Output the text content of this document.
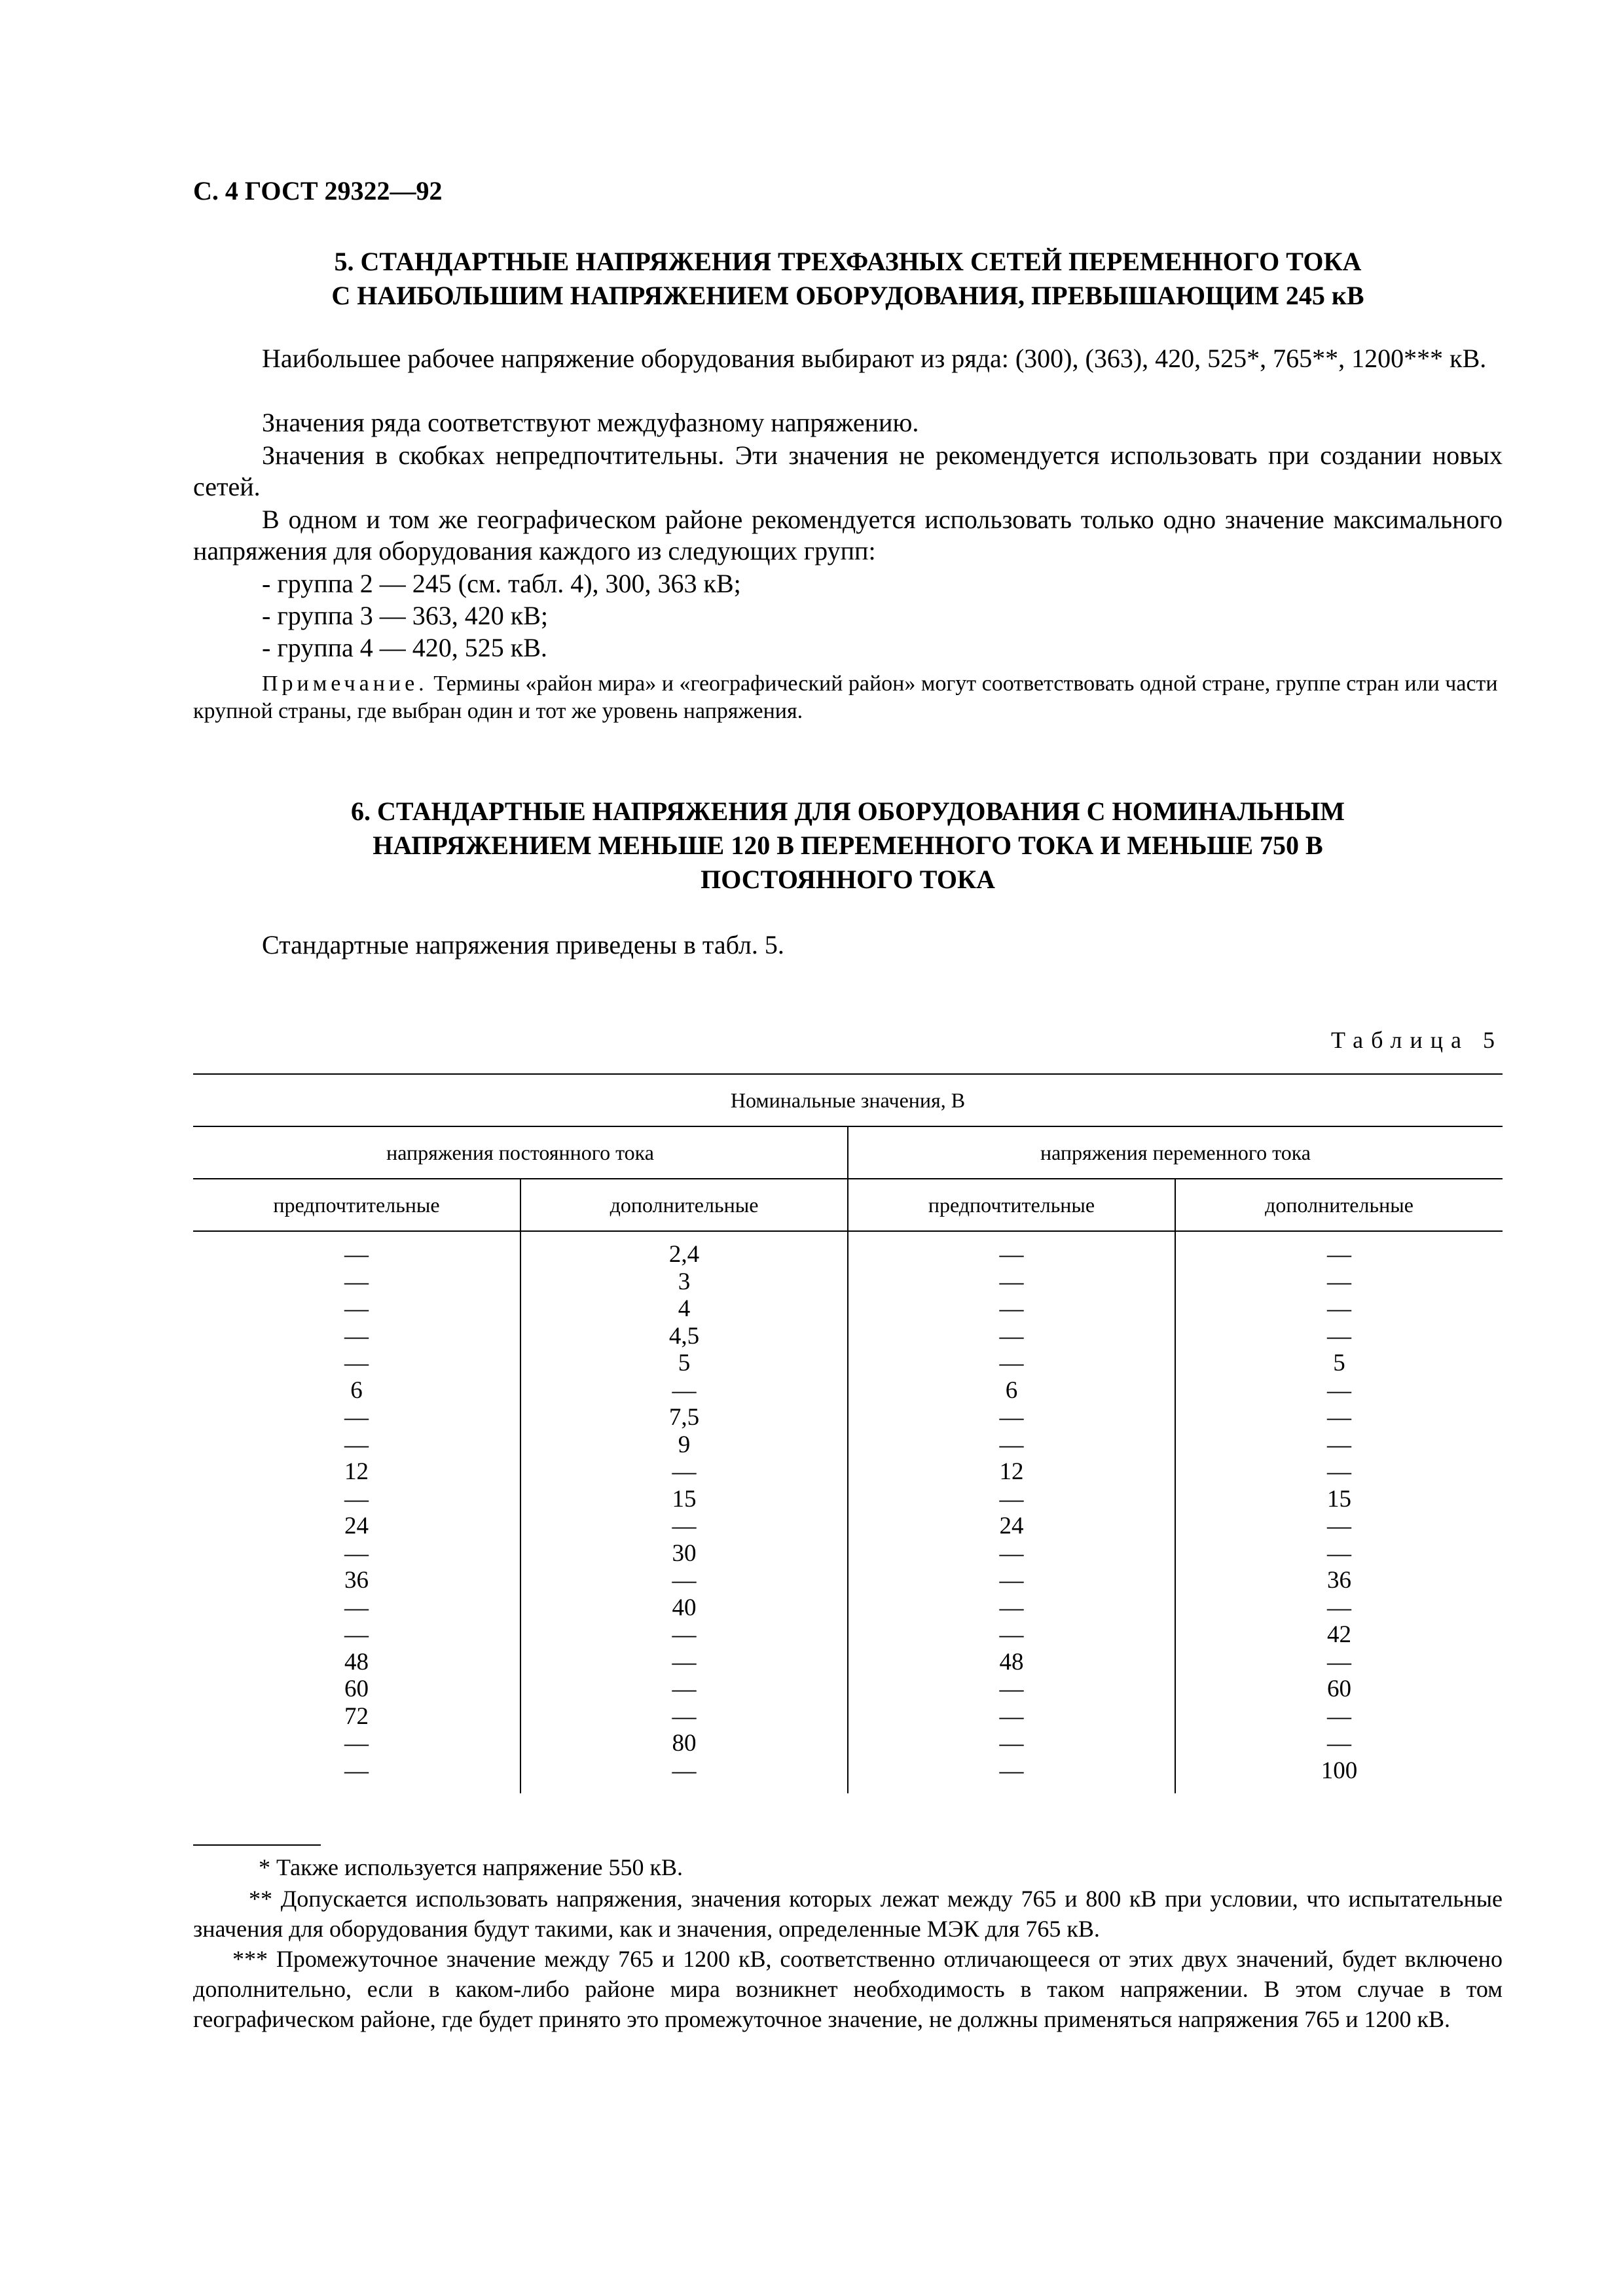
С. 4 ГОСТ 29322—92
5. СТАНДАРТНЫЕ НАПРЯЖЕНИЯ ТРЕХФАЗНЫХ СЕТЕЙ ПЕРЕМЕННОГО ТОКА
С НАИБОЛЬШИМ НАПРЯЖЕНИЕМ ОБОРУДОВАНИЯ, ПРЕВЫШАЮЩИМ 245 кВ
Наибольшее рабочее напряжение оборудования выбирают из ряда: (300), (363), 420, 525*, 765**, 1200*** кВ.
Значения ряда соответствуют междуфазному напряжению.
Значения в скобках непредпочтительны. Эти значения не рекомендуется использовать при создании новых сетей.
В одном и том же географическом районе рекомендуется использовать только одно значение максимального напряжения для оборудования каждого из следующих групп:
- группа 2 — 245 (см. табл. 4), 300, 363 кВ;
- группа 3 — 363, 420 кВ;
- группа 4 — 420, 525 кВ.
Примечание. Термины «район мира» и «географический район» могут соответствовать одной стране, группе стран или части крупной страны, где выбран один и тот же уровень напряжения.
6. СТАНДАРТНЫЕ НАПРЯЖЕНИЯ ДЛЯ ОБОРУДОВАНИЯ С НОМИНАЛЬНЫМ
НАПРЯЖЕНИЕМ МЕНЬШЕ 120 В ПЕРЕМЕННОГО ТОКА И МЕНЬШЕ 750 В
ПОСТОЯННОГО ТОКА
Стандартные напряжения приведены в табл. 5.
Таблица 5
Номинальные значения, В			
напряжения постоянного тока		напряжения переменного тока	
предпочтительные	дополнительные	предпочтительные	дополнительные
—	2,4	—	—
—	3	—	—
—	4	—	—
—	4,5	—	—
—	5	—	5
6	—	6	—
—	7,5	—	—
—	9	—	—
12	—	12	—
—	15	—	15
24	—	24	—
—	30	—	—
36	—	—	36
—	40	—	—
—	—	—	42
48	—	48	—
60	—	—	60
72	—	—	—
—	80	—	—
—	—	—	100

* Также используется напряжение 550 кВ.
** Допускается использовать напряжения, значения которых лежат между 765 и 800 кВ при условии, что испытательные значения для оборудования будут такими, как и значения, определенные МЭК для 765 кВ.
*** Промежуточное значение между 765 и 1200 кВ, соответственно отличающееся от этих двух значений, будет включено дополнительно, если в каком-либо районе мира возникнет необходимость в таком напряжении. В этом случае в том географическом районе, где будет принято это промежуточное значение, не должны применяться напряжения 765 и 1200 кВ.
